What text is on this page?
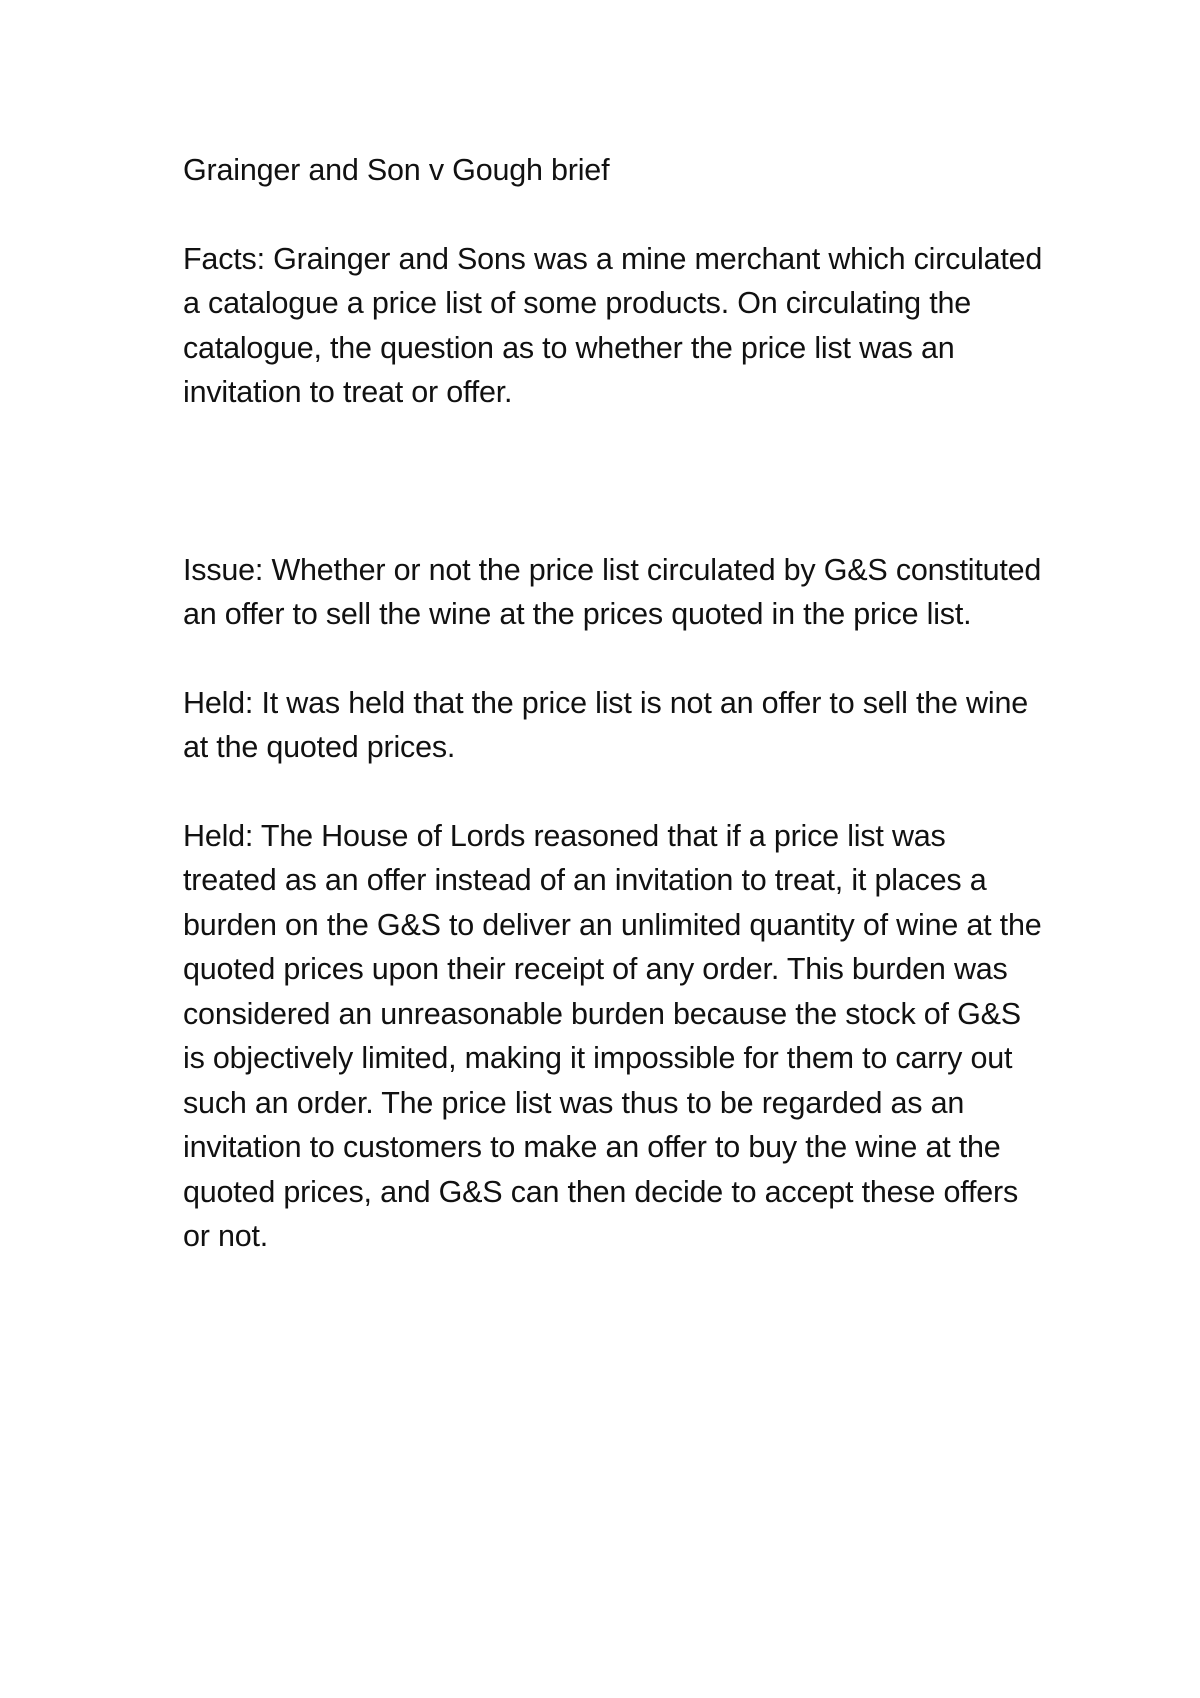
Grainger and Son v Gough brief

Facts: Grainger and Sons was a mine merchant which circulated a catalogue a price list of some products. On circulating the catalogue, the question as to whether the price list was an invitation to treat or offer.

Issue: Whether or not the price list circulated by G&S constituted an offer to sell the wine at the prices quoted in the price list.

Held: It was held that the price list is not an offer to sell the wine at the quoted prices.

Held: The House of Lords reasoned that if a price list was treated as an offer instead of an invitation to treat, it places a burden on the G&S to deliver an unlimited quantity of wine at the quoted prices upon their receipt of any order. This burden was considered an unreasonable burden because the stock of G&S is objectively limited, making it impossible for them to carry out such an order. The price list was thus to be regarded as an invitation to customers to make an offer to buy the wine at the quoted prices, and G&S can then decide to accept these offers or not.
